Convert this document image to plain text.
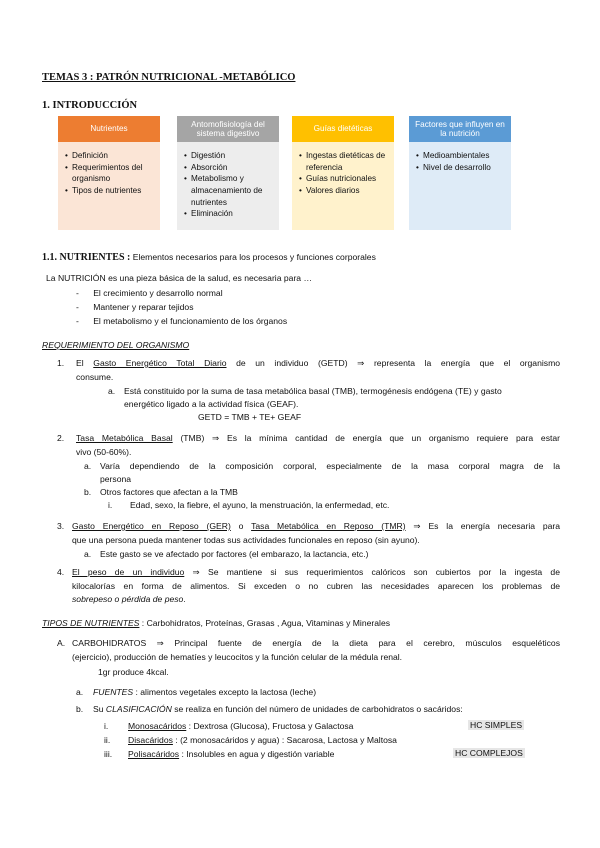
TEMAS 3 : PATRÓN NUTRICIONAL -METABÓLICO
1. INTRODUCCIÓN
Nutrientes
• Definición
• Requerimientos del organismo
• Tipos de nutrientes
Antomofisiología del sistema digestivo
• Digestión
• Absorción
• Metabolismo y almacenamiento de nutrientes
• Eliminación
Guías dietéticas
• Ingestas dietéticas de referencia
• Guías nutricionales
• Valores diarios
Factores que influyen en la nutrición
• Medioambientales
• Nivel de desarrollo
1.1. NUTRIENTES : Elementos necesarios para los procesos y funciones corporales
La NUTRICIÓN es una pieza básica de la salud, es necesaria para …
-      El crecimiento y desarrollo normal
-      Mantener y reparar tejidos
-      El metabolismo y el funcionamiento de los órganos
REQUERIMIENTO DEL ORGANISMO
1. El Gasto Energético Total Diario de un individuo (GETD) ⇒ representa la energía que el organismo
consume.
a. Está constituido por la suma de tasa metabólica basal (TMB), termogénesis endógena (TE) y gasto
energético ligado a la actividad física (GEAF).
GETD = TMB + TE+ GEAF
2. Tasa Metabólica Basal (TMB) ⇒ Es la mínima cantidad de energía que un organismo requiere para estar
vivo (50-60%).
a. Varía dependiendo de la composición corporal, especialmente de la masa corporal magra de la
persona
b. Otros factores que afectan a la TMB
i. Edad, sexo, la fiebre, el ayuno, la menstruación, la enfermedad, etc.
3. Gasto Energético en Reposo (GER) o Tasa Metabólica en Reposo (TMR) ⇒ Es la energía necesaria para
que una persona pueda mantener todas sus actividades funcionales en reposo (sin ayuno).
a. Este gasto se ve afectado por factores (el embarazo, la lactancia, etc.)
4. El peso de un individuo ⇒ Se mantiene si sus requerimientos calóricos son cubiertos por la ingesta de
kilocalorías en forma de alimentos. Si exceden o no cubren las necesidades aparecen los problemas de
sobrepeso o pérdida de peso.
TIPOS DE NUTRIENTES : Carbohidratos, Proteínas, Grasas , Agua, Vitaminas y Minerales
A. CARBOHIDRATOS ⇒ Principal fuente de energía de la dieta para el cerebro, músculos esqueléticos
(ejercicio), producción de hematíes y leucocitos y la función celular de la médula renal.
1gr produce 4kcal.
a. FUENTES : alimentos vegetales excepto la lactosa (leche)
b. Su CLASIFICACIÓN se realiza en función del número de unidades de carbohidratos o sacáridos:
i. Monosacáridos : Dextrosa (Glucosa), Fructosa y Galactosa	HC SIMPLES
ii. Disacáridos : (2 monosacáridos y agua) : Sacarosa, Lactosa y Maltosa
iii. Polisacáridos : Insolubles en agua y digestión variable	HC COMPLEJOS
